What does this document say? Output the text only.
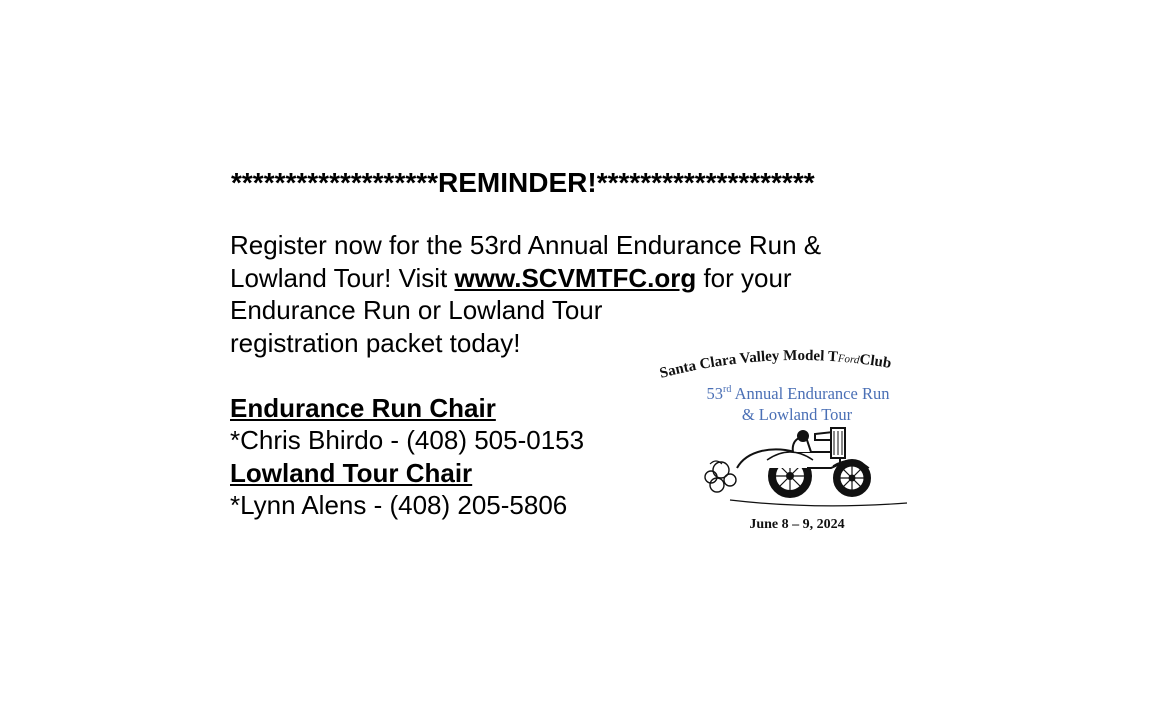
*******************REMINDER!********************
Register now for the 53rd Annual Endurance Run &
Lowland Tour! Visit www.SCVMTFC.org for your
Endurance Run or Lowland Tour
registration packet today!
Endurance Run Chair
*Chris Bhirdo - (408) 505-0153
Lowland Tour Chair
*Lynn Alens - (408) 205-5806
Santa Clara Valley Model TFordClub
53rd Annual Endurance Run
& Lowland Tour
June 8 – 9, 2024
